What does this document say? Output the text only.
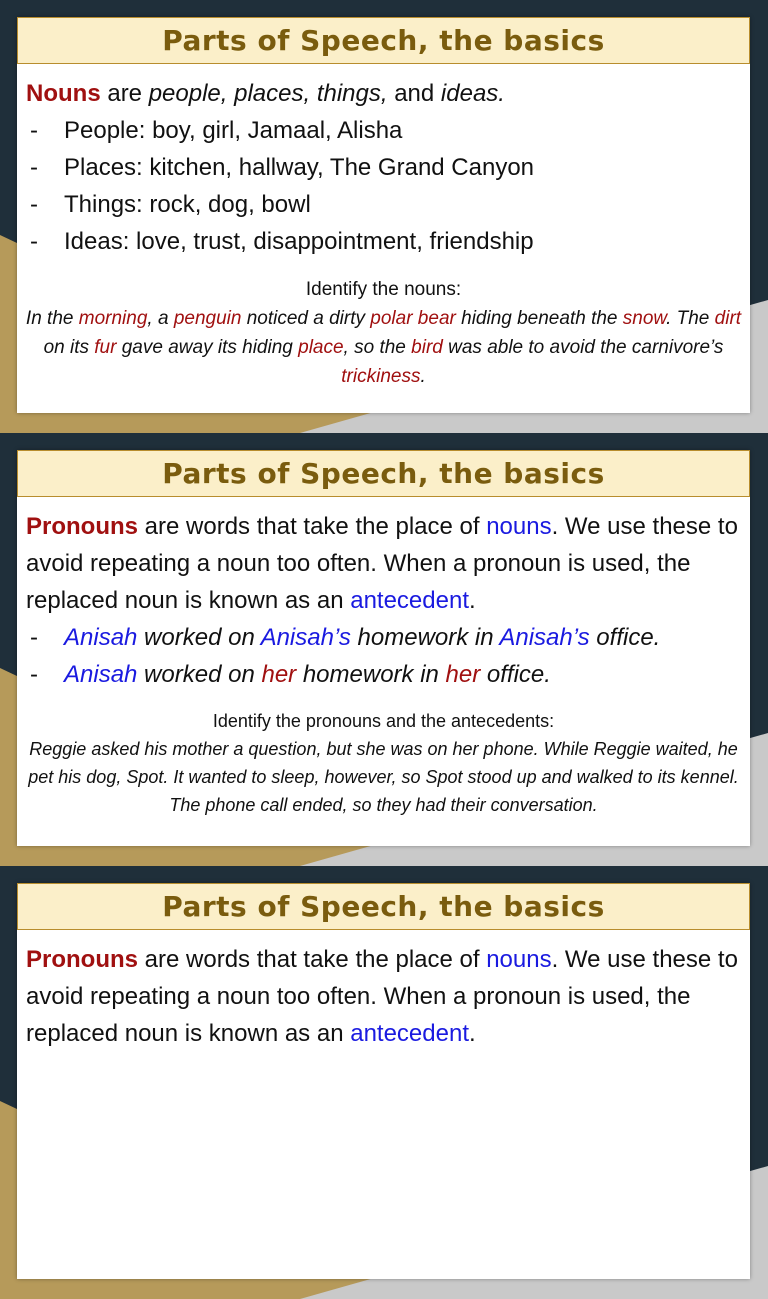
Parts of Speech, the basics
Nouns are people, places, things, and ideas.
-	People: boy, girl, Jamaal, Alisha
-	Places: kitchen, hallway, The Grand Canyon
-	Things: rock, dog, bowl
-	Ideas: love, trust, disappointment, friendship
Identify the nouns:
In the morning, a penguin noticed a dirty polar bear hiding beneath the snow. The dirt on its fur gave away its hiding place, so the bird was able to avoid the carnivore’s trickiness.
Parts of Speech, the basics
Pronouns are words that take the place of nouns. We use these to avoid repeating a noun too often. When a pronoun is used, the replaced noun is known as an antecedent.
-	Anisah worked on Anisah’s homework in Anisah’s office.
-	Anisah worked on her homework in her office.
Identify the pronouns and the antecedents:
Reggie asked his mother a question, but she was on her phone. While Reggie waited, he pet his dog, Spot. It wanted to sleep, however, so Spot stood up and walked to its kennel. The phone call ended, so they had their conversation.
Parts of Speech, the basics
Pronouns are words that take the place of nouns. We use these to avoid repeating a noun too often. When a pronoun is used, the replaced noun is known as an antecedent.
